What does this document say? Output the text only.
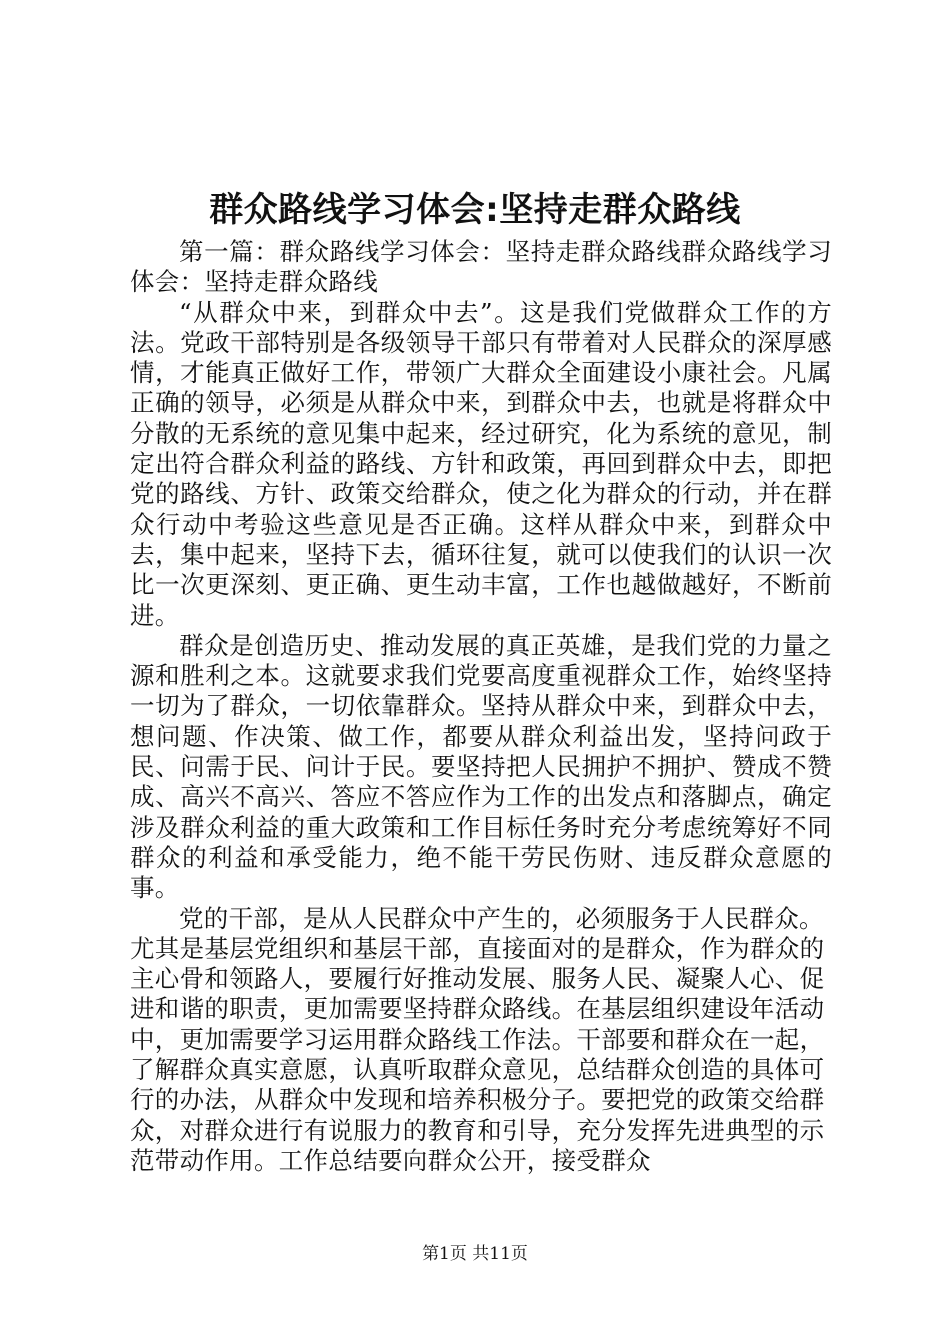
群众路线学习体会:坚持走群众路线

第一篇：群众路线学习体会：坚持走群众路线群众路线学习体会：坚持走群众路线

“从群众中来，到群众中去”。这是我们党做群众工作的方法。党政干部特别是各级领导干部只有带着对人民群众的深厚感情，才能真正做好工作，带领广大群众全面建设小康社会。凡属正确的领导，必须是从群众中来，到群众中去，也就是将群众中分散的无系统的意见集中起来，经过研究，化为系统的意见，制定出符合群众利益的路线、方针和政策，再回到群众中去，即把党的路线、方针、政策交给群众，使之化为群众的行动，并在群众行动中考验这些意见是否正确。这样从群众中来，到群众中去，集中起来，坚持下去，循环往复，就可以使我们的认识一次比一次更深刻、更正确、更生动丰富，工作也越做越好，不断前进。

群众是创造历史、推动发展的真正英雄，是我们党的力量之源和胜利之本。这就要求我们党要高度重视群众工作，始终坚持一切为了群众，一切依靠群众。坚持从群众中来，到群众中去，想问题、作决策、做工作，都要从群众利益出发，坚持问政于民、问需于民、问计于民。要坚持把人民拥护不拥护、赞成不赞成、高兴不高兴、答应不答应作为工作的出发点和落脚点，确定涉及群众利益的重大政策和工作目标任务时充分考虑统筹好不同群众的利益和承受能力，绝不能干劳民伤财、违反群众意愿的事。

党的干部，是从人民群众中产生的，必须服务于人民群众。尤其是基层党组织和基层干部，直接面对的是群众，作为群众的主心骨和领路人，要履行好推动发展、服务人民、凝聚人心、促进和谐的职责，更加需要坚持群众路线。在基层组织建设年活动中，更加需要学习运用群众路线工作法。干部要和群众在一起，了解群众真实意愿，认真听取群众意见，总结群众创造的具体可行的办法，从群众中发现和培养积极分子。要把党的政策交给群众，对群众进行有说服力的教育和引导，充分发挥先进典型的示范带动作用。工作总结要向群众公开，接受群众

第1页 共11页
